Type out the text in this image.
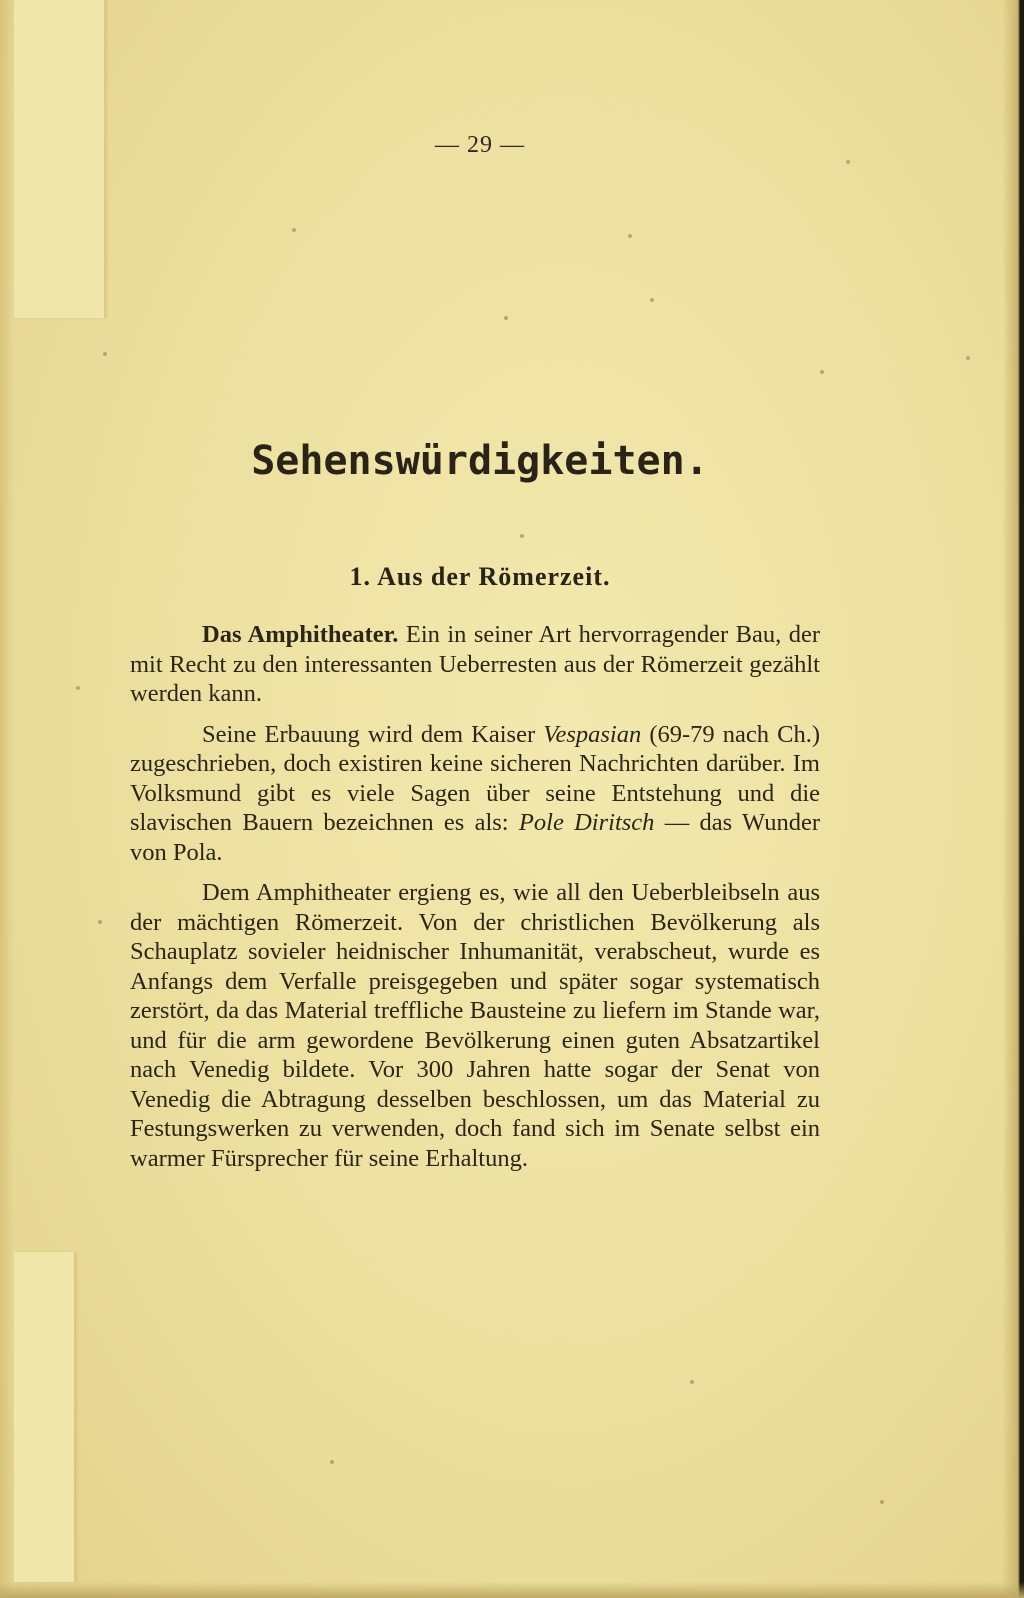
— 29 —
Sehenswürdigkeiten.
1. Aus der Römerzeit.

Das Amphitheater. Ein in seiner Art hervorragender Bau, der mit Recht zu den interessanten Ueberresten aus der Römerzeit gezählt werden kann.

Seine Erbauung wird dem Kaiser Vespasian (69-79 nach Ch.) zugeschrieben, doch existiren keine sicheren Nachrichten darüber. Im Volksmund gibt es viele Sagen über seine Entstehung und die slavischen Bauern bezeichnen es als: Pole Diritsch — das Wunder von Pola.

Dem Amphitheater ergieng es, wie all den Ueberbleibseln aus der mächtigen Römerzeit. Von der christlichen Bevölkerung als Schauplatz sovieler heidnischer Inhumanität, verabscheut, wurde es Anfangs dem Verfalle preisgegeben und später sogar systematisch zerstört, da das Material treffliche Bausteine zu liefern im Stande war, und für die arm gewordene Bevölkerung einen guten Absatzartikel nach Venedig bildete. Vor 300 Jahren hatte sogar der Senat von Venedig die Abtragung desselben beschlossen, um das Material zu Festungswerken zu verwenden, doch fand sich im Senate selbst ein warmer Fürsprecher für seine Erhaltung.
